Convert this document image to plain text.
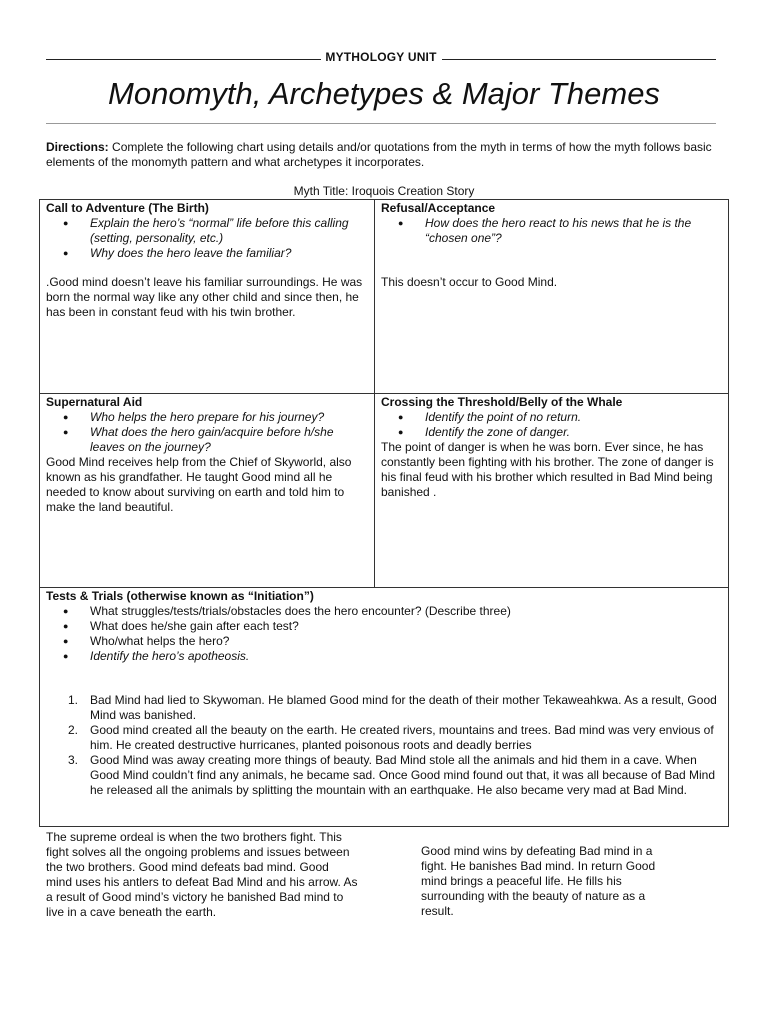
MYTHOLOGY UNIT
Monomyth, Archetypes & Major Themes
Directions: Complete the following chart using details and/or quotations from the myth in terms of how the myth follows basic elements of the monomyth pattern and what archetypes it incorporates.
Myth Title: Iroquois Creation Story
Call to Adventure (The Birth)
● Explain the hero’s “normal” life before this calling (setting, personality, etc.)
● Why does the hero leave the familiar?
.Good mind doesn’t leave his familiar surroundings. He was born the normal way like any other child and since then, he has been in constant feud with his twin brother.
Refusal/Acceptance
● How does the hero react to his news that he is the “chosen one”?
This doesn’t occur to Good Mind.
Supernatural Aid
● Who helps the hero prepare for his journey?
● What does the hero gain/acquire before h/she leaves on the journey?
Good Mind receives help from the Chief of Skyworld, also known as his grandfather. He taught Good mind all he needed to know about surviving on earth and told him to make the land beautiful.
Crossing the Threshold/Belly of the Whale
● Identify the point of no return.
● Identify the zone of danger.
The point of danger is when he was born. Ever since, he has constantly been fighting with his brother. The zone of danger is his final feud with his brother which resulted in Bad Mind being banished .
Tests & Trials (otherwise known as “Initiation”)
● What struggles/tests/trials/obstacles does the hero encounter? (Describe three)
● What does he/she gain after each test?
● Who/what helps the hero?
● Identify the hero’s apotheosis.
1. Bad Mind had lied to Skywoman. He blamed Good mind for the death of their mother Tekaweahkwa. As a result, Good Mind was banished.
2. Good mind created all the beauty on the earth. He created rivers, mountains and trees. Bad mind was very envious of him. He created destructive hurricanes, planted poisonous roots and deadly berries
3. Good Mind was away creating more things of beauty. Bad Mind stole all the animals and hid them in a cave. When Good Mind couldn’t find any animals, he became sad. Once Good mind found out that, it was all because of Bad Mind he released all the animals by splitting the mountain with an earthquake. He also became very mad at Bad Mind.
The supreme ordeal is when the two brothers fight. This fight solves all the ongoing problems and issues between the two brothers. Good mind defeats bad mind. Good mind uses his antlers to defeat Bad Mind and his arrow. As a result of Good mind’s victory he banished Bad mind to live in a cave beneath the earth.
Good mind wins by defeating Bad mind in a fight. He banishes Bad mind. In return Good mind brings a peaceful life. He fills his surrounding with the beauty of nature as a result.
